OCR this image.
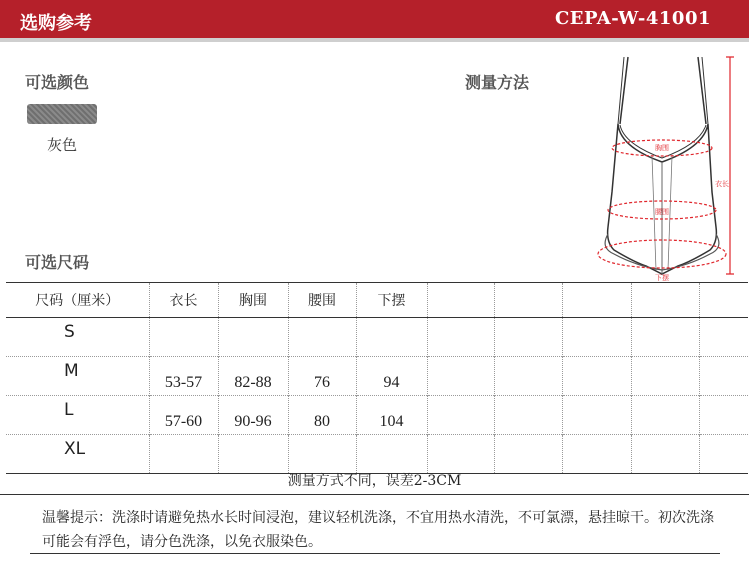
选购参考	CEPA-W-41001
可选颜色
灰色
测量方法
胸围
腰围
下摆
衣长
可选尺码
尺码（厘米）	衣长	胸围	腰围	下摆					
S									
M	53-57	82-88	76	94					
L	57-60	90-96	80	104					
XL									
测量方式不同，误差2-3CM
温馨提示：洗涤时请避免热水长时间浸泡，建议轻机洗涤，不宜用热水清洗，不可氯漂，悬挂晾干。初次洗涤可能会有浮色，请分色洗涤，以免衣服染色。
